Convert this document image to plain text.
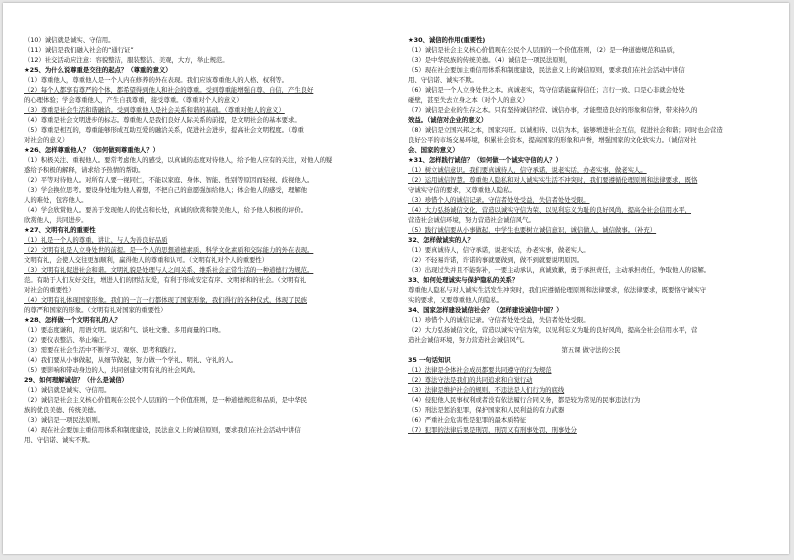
（10）诚信就是诚实、守信用。
（11）诚信是我们融入社会的“通行证”
（12）社交活动应注意：容貌整洁，服装整洁、美观，大方，举止规范。
★25、为什么说尊重是交往的起点？（尊重的意义）
（1）尊重他人，尊重他人是一个人内在修养的外在表现。我们应该尊重他人的人格、权利等。
（2）每个人都享有尊严的个体，都希望得到他人和社会的尊重。受到尊重能增强自尊、自信，产生良好
的心理体验；学会尊重他人，产生自我尊重，接受尊重。（尊重对个人的意义）
（3）尊重是社会生活和谐融洽。受到尊重他人是社会关系和谐的基础。（尊重对他人的意义）
（4）尊重是社会文明进步的标志。尊重他人是我们良好人际关系的前提，是文明社会的基本要求。
（5）尊重是相互的，尊重能够形成互助互爱的融洽关系，促进社会进步，提高社会文明程度。（尊重
对社会的意义）
★26、怎样尊重他人？（如何做到尊重他人？）
（1）积极关注、重视他人。要常考虑他人的感受，以真诚的态度对待他人，给予他人应有的关注，对他人的疑
惑给予积极的解释，请求给予热情的帮助。
（2）平等对待他人。对所有人要一视同仁，不能以家庭、身体、智能、性别等原因而轻视、歧视他人。
（3）学会换位思考。要设身处地为他人着想，不把自己的意愿强加给他人；体会他人的感受，理解他
人的难处，包容他人。
（4）学会欣赏他人。要善于发现他人的优点和长处，真诚的欣赏和赞美他人，给予他人积极的评价。
欣赏他人，共同进步。
★27、文明有礼的重要性
（1）礼是一个人的尊重、讲让、与人为善良好品质
（2）文明有礼是人立身处世的前提。是一个人的思想道德素质、科学文化素质和交际能力的外在表现。
文明有礼，会使人交往更加顺利，赢得他人的尊重和认可。（文明有礼对个人的重要性）
（3）文明有礼促进社会和谐。文明礼貌是处理与人之间关系、维系社会正常生活的一种道德行为规范。
范。有助于人们友好交往，增进人们的团结友爱，有利于形成安定有序、文明祥和的社会。（文明有礼
对社会的重要性）
（4）文明有礼体现国家形象。我们的一言一行都体现了国家形象，我们得行的各种仪式，体现了民族
的尊严和国家的形象。（文明有礼对国家的重要性）
★28、怎样做一个文明有礼的人？
（1）要态度谦和，用语文明。说话和气、谈吐文雅、多用商量的口吻。
（2）要仪表整洁、举止端庄。
（3）需要在社会生活中不断学习、观察、思考和践行。
（4）我们要从小事做起，从细节做起，努力做一个学礼、明礼、守礼的人。
（5）要影响和带动身边的人，共同创建文明有礼的社会风尚。
29、如何理解诚信？（什么是诚信）
（1）诚信就是诚实、守信用。
（2）诚信是社会主义核心价值观在公民个人层面的一个价值准则，是一种道德规范和品质，是中华民
族的优良美德、传统美德。
（3）诚信是一项民法原则。
（4）现在社会要加主重信用体系和制度建设，民法意义上的诚信原则，要求我们在社会活动中讲信
用、守信诺、诚实不欺。
★30、诚信的作用(重要性)
（1）诚信是社会主义核心价值观在公民个人层面的一个价值准则，（2）是一种道德规范和品质，
（3）是中华民族的传统美德。（4）诚信是一项民法原则，
（5）现在社会要加主重信用体系和制度建设，民法意义上的诚信原则，要求我们在社会活动中讲信
用、守信诺、诚实不欺。
（6）诚信是一个人立身处世之本。真诚老实，笃守信诺能赢得信任；言行一致、口是心非就会处处
碰壁，甚至失去立身之本（对个人的意义）
（7）诚信是企业的生存之本。只有坚持诚信经营、诚信办事，才能塑造良好的形象和信誉，带来持久的
效益。（诚信对企业的意义）
（8）诚信是立国兴邦之本，国家兴旺。以诚相待、以信为本，能够增进社会互信，促进社会和谐；同时也会营造
良好公平的市场交易环境，积累社会资本，提高国家的形象和声誉，增强国家的文化软实力。（诚信对社
会、国家的意义）
★31、怎样践行诚信？（如何做一个诚实守信的人？）
（1）树立诚信意识。我们要真诚待人，信守承诺，说老实话，办老实事，做老实人。
（2）运用诚信智慧。尊重他人隐私和对人诚实实生活不冲突时，我们要遵循伦理原则和法律要求，既恪
守诚实守信的要求，又尊重他人隐私。
（3）珍惜个人的诚信记录。守信者处处受益，失信者处处受限。
（4）大力弘扬诚信文化，营造以诚实守信为荣、以见利忘义为耻的良好风尚，提高全社会信用水平，
营造社会诚信环境，努力营造社会诚信风气。
（5）践行诚信要从小事做起，中学生也要树立诚信意识，诚信做人，诚信做事。（补充）
32、怎样做诚实的人？
（1）要真诚待人，信守承诺，说老实话，办老实事，做老实人。
（2）不轻易许诺，许诺的事就要做到，做不到就要说明原因。
（3）出现过失并且不能弥补，一要主动承认，真诚致歉，勇于承担责任，主动承担责任，争取他人的谅解。
33、如何处理诚实与保护隐私的关系？
尊重他人隐私与对人诚实生活发生冲突时，我们应遵循伦理原则和法律要求，依法律要求，既要恪守诚实守
实的要求，又要尊重他人的隐私。
34、国家怎样建设诚信社会？（怎样建设诚信中国？）
（1）珍惜个人的诚信记录。守信者处处受益，失信者处处受限。
（2）大力弘扬诚信文化，营造以诚实守信为荣，以见利忘义为耻的良好风尚，提高全社会信用水平，营
造社会诚信环境，努力营造社会诚信风气。
第五课 做守法的公民
35 一句话知识
（1）法律是全体社会成员都要共同遵守的行为规范
（2）尊法守法是我们的共同追求和自觉行动
（3）法律是维护社会的规则，不违法是人们行为的底线
（4）侵犯他人民事权利或者没有依法履行合同义务，都是较为常见的民事违法行为
（5）刑法是惩治犯罪，保护国家和人民利益的有力武器
（6）严重社会危害性是犯罪的最本质特征
（7）犯罪的法律后果是刑罚，刑罚又有刑事处罚、刑事处分
